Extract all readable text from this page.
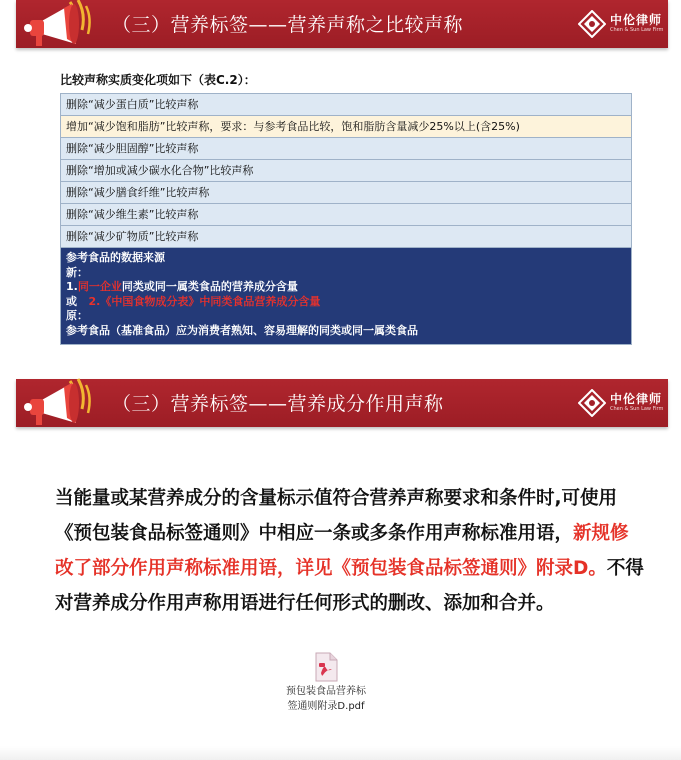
（三）营养标签——营养声称之比较声称	中伦律师
Chen & Sun Law Firm
比较声称实质变化项如下（表C.2）：
删除“减少蛋白质”比较声称
增加“减少饱和脂肪”比较声称，要求：与参考食品比较，饱和脂肪含量减少25%以上(含25%)
删除“减少胆固醇”比较声称
删除“增加或减少碳水化合物”比较声称
删除“减少膳食纤维”比较声称
删除“减少维生素”比较声称
删除“减少矿物质”比较声称
参考食品的数据来源
新：
1.同一企业同类或同一属类食品的营养成分含量
或 2.《中国食物成分表》中同类食品营养成分含量
原：
参考食品（基准食品）应为消费者熟知、容易理解的同类或同一属类食品
（三）营养标签——营养成分作用声称	中伦律师
Chen & Sun Law Firm
当能量或某营养成分的含量标示值符合营养声称要求和条件时,可使用《预包装食品标签通则》中相应一条或多条作用声称标准用语，新规修改了部分作用声称标准用语，详见《预包装食品标签通则》附录D。不得对营养成分作用声称用语进行任何形式的删改、添加和合并。
预包装食品营养标
签通则附录D.pdf
